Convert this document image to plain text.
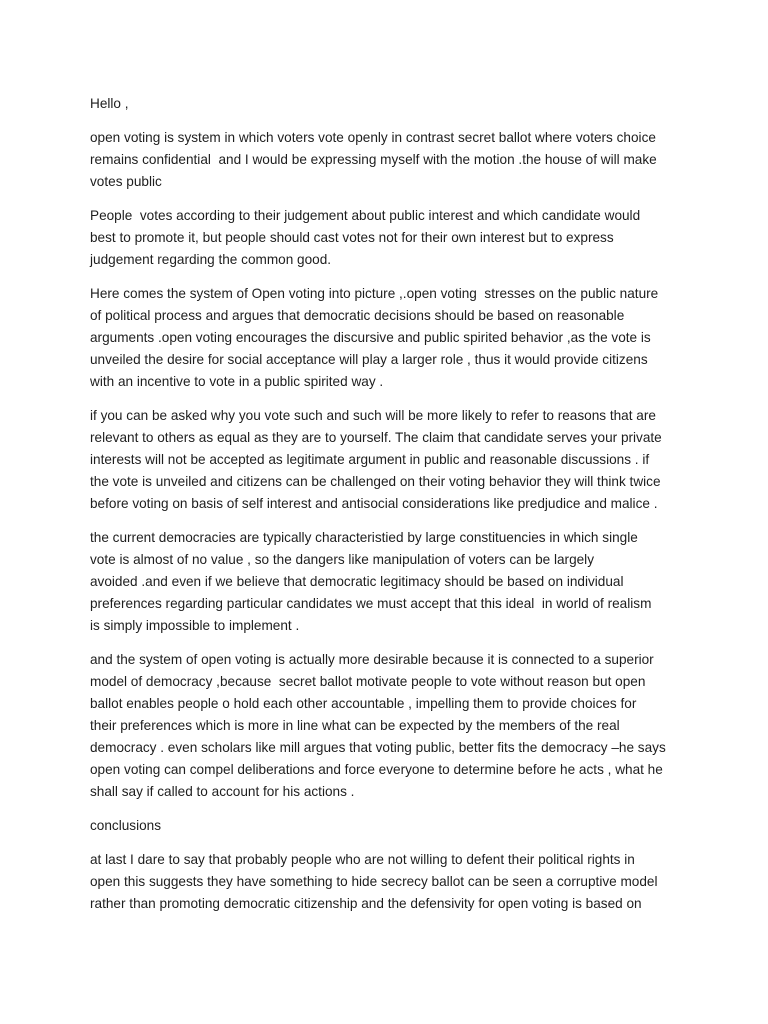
Hello ,

open voting is system in which voters vote openly in contrast secret ballot where voters choice
remains confidential  and I would be expressing myself with the motion .the house of will make
votes public

People  votes according to their judgement about public interest and which candidate would
best to promote it, but people should cast votes not for their own interest but to express
judgement regarding the common good.

Here comes the system of Open voting into picture ,.open voting  stresses on the public nature
of political process and argues that democratic decisions should be based on reasonable
arguments .open voting encourages the discursive and public spirited behavior ,as the vote is
unveiled the desire for social acceptance will play a larger role , thus it would provide citizens
with an incentive to vote in a public spirited way .

if you can be asked why you vote such and such will be more likely to refer to reasons that are
relevant to others as equal as they are to yourself. The claim that candidate serves your private
interests will not be accepted as legitimate argument in public and reasonable discussions . if
the vote is unveiled and citizens can be challenged on their voting behavior they will think twice
before voting on basis of self interest and antisocial considerations like predjudice and malice .

the current democracies are typically characteristied by large constituencies in which single
vote is almost of no value , so the dangers like manipulation of voters can be largely
avoided .and even if we believe that democratic legitimacy should be based on individual
preferences regarding particular candidates we must accept that this ideal  in world of realism
is simply impossible to implement .

and the system of open voting is actually more desirable because it is connected to a superior
model of democracy ,because  secret ballot motivate people to vote without reason but open
ballot enables people o hold each other accountable , impelling them to provide choices for
their preferences which is more in line what can be expected by the members of the real
democracy . even scholars like mill argues that voting public, better fits the democracy –he says
open voting can compel deliberations and force everyone to determine before he acts , what he
shall say if called to account for his actions .

conclusions

at last I dare to say that probably people who are not willing to defent their political rights in
open this suggests they have something to hide secrecy ballot can be seen a corruptive model
rather than promoting democratic citizenship and the defensivity for open voting is based on
